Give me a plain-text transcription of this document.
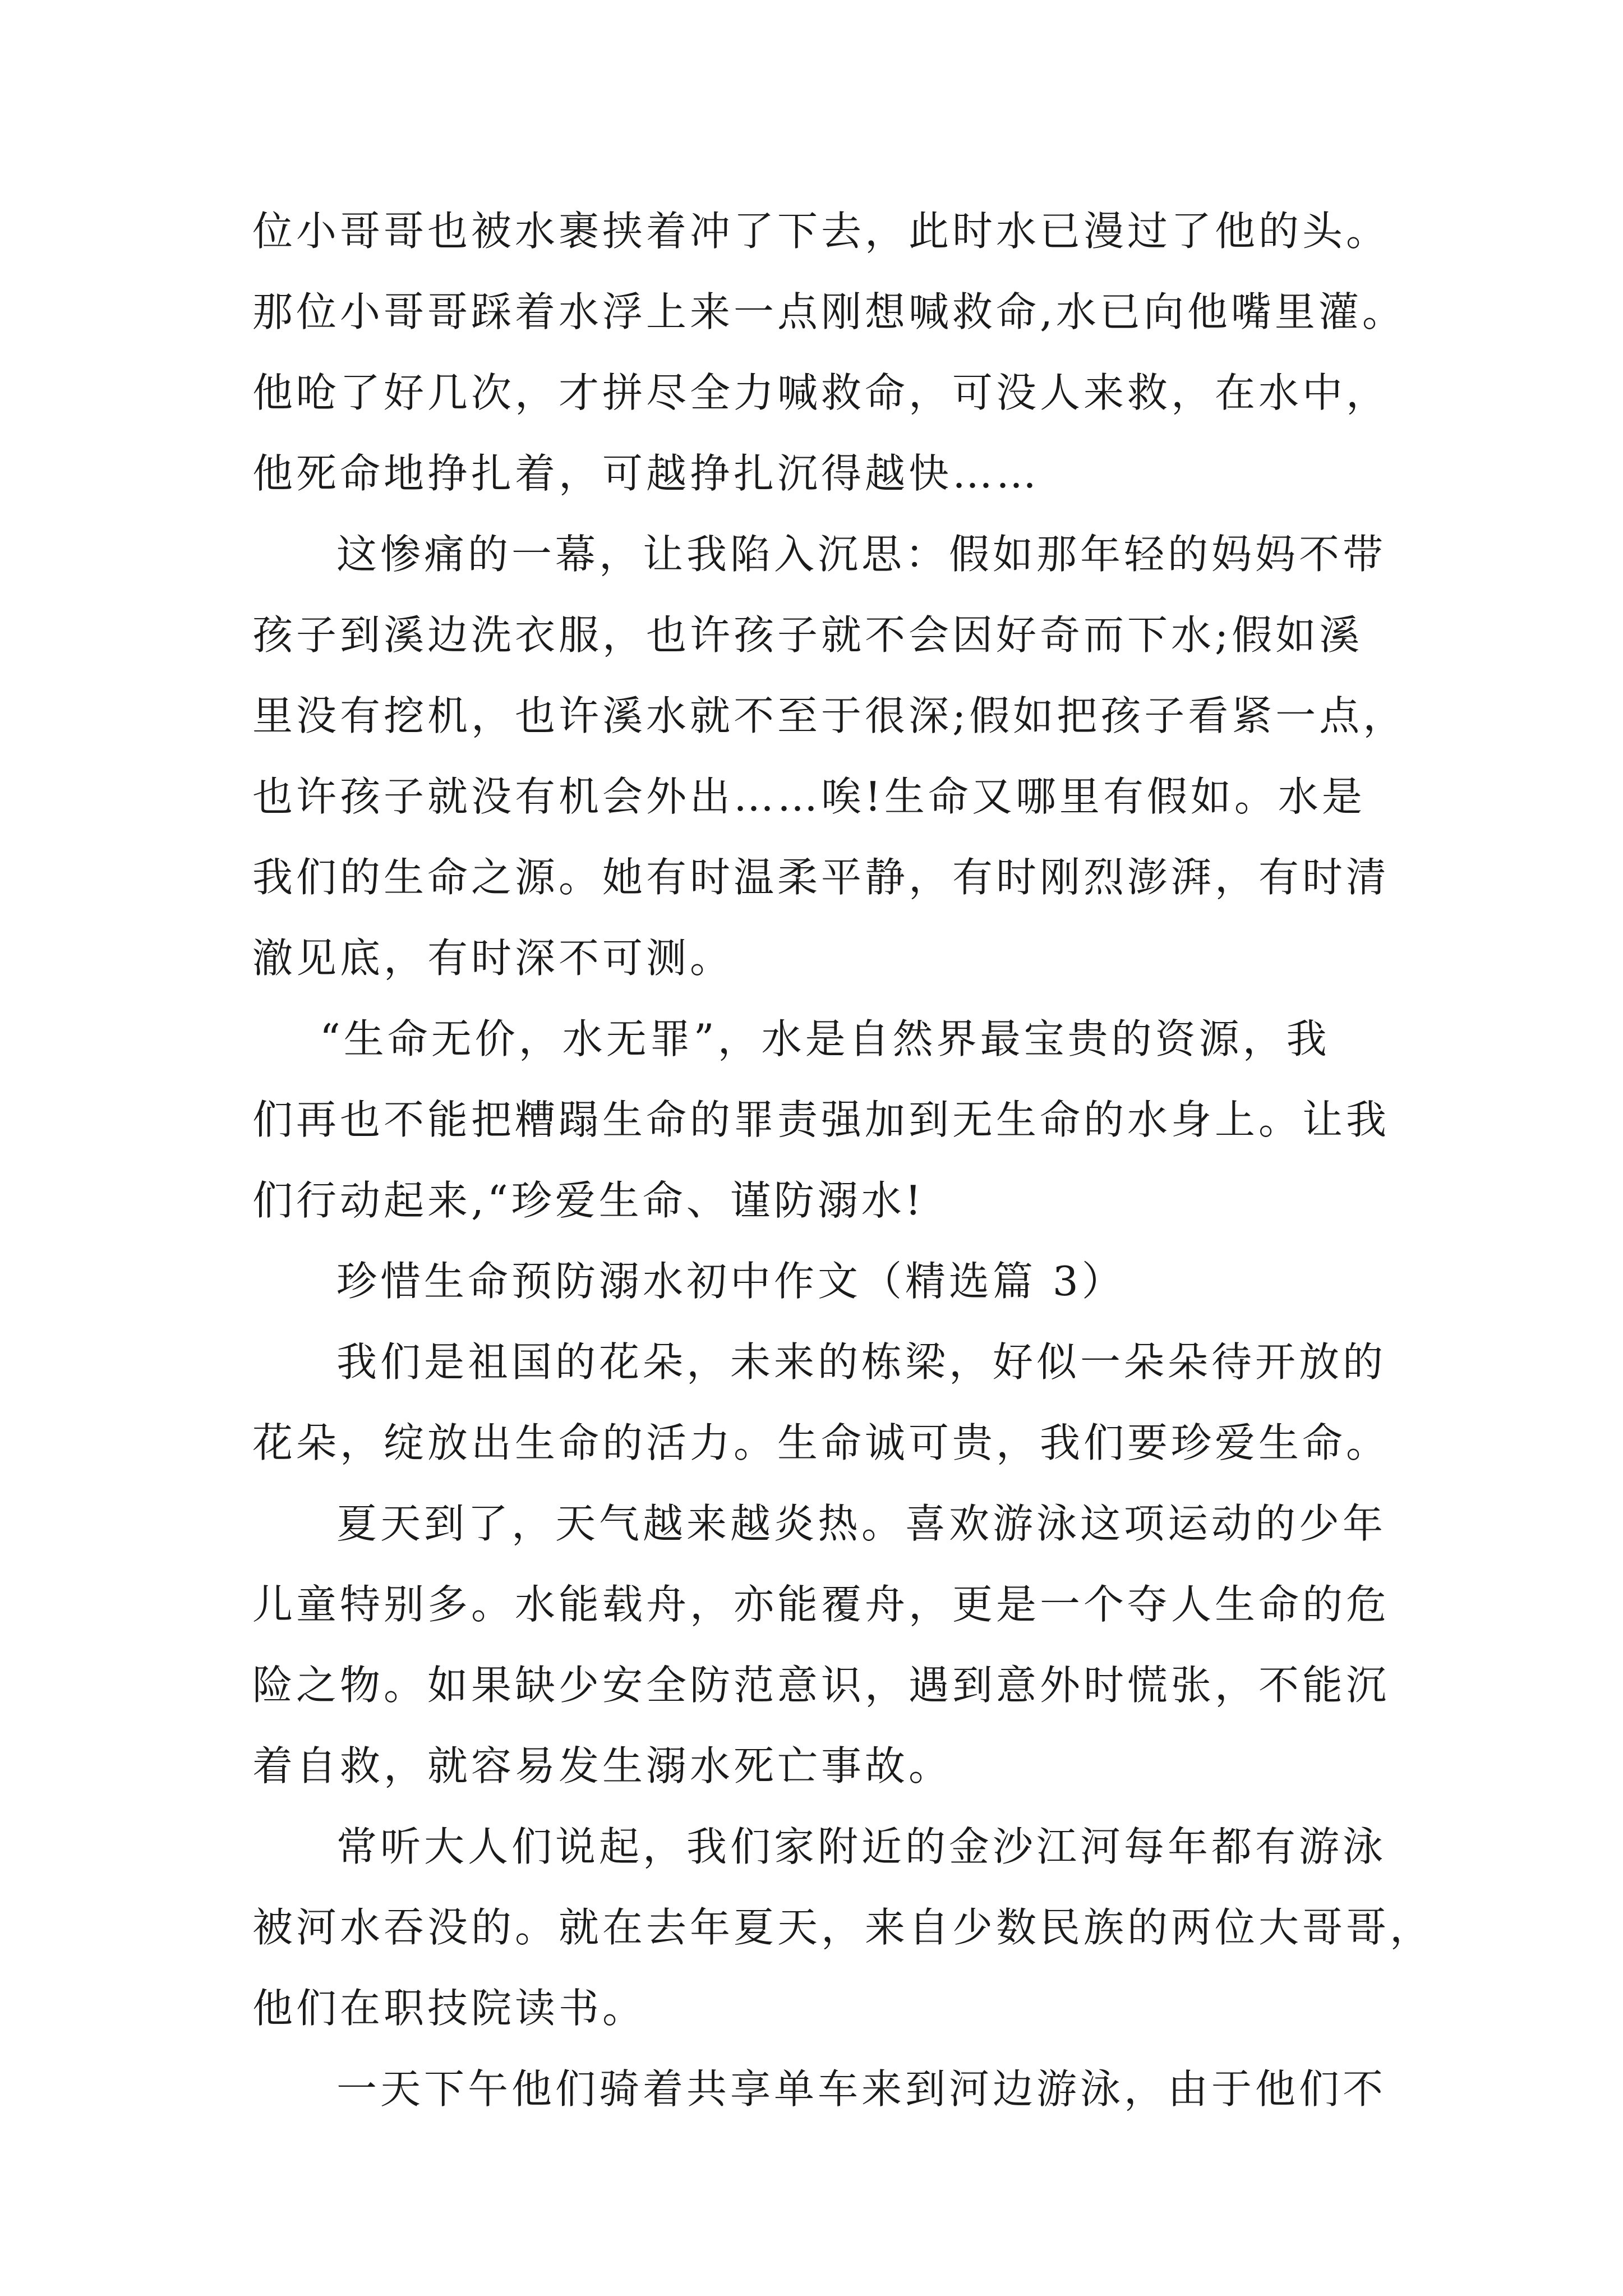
位小哥哥也被水裹挟着冲了下去，此时水已漫过了他的头。
那位小哥哥踩着水浮上来一点刚想喊救命,水已向他嘴里灌。
他呛了好几次，才拼尽全力喊救命，可没人来救，在水中，
他死命地挣扎着，可越挣扎沉得越快……
这惨痛的一幕，让我陷入沉思：假如那年轻的妈妈不带
孩子到溪边洗衣服，也许孩子就不会因好奇而下水;假如溪
里没有挖机，也许溪水就不至于很深;假如把孩子看紧一点，
也许孩子就没有机会外出……唉!生命又哪里有假如。水是
我们的生命之源。她有时温柔平静，有时刚烈澎湃，有时清
澈见底，有时深不可测。
“生命无价，水无罪”，水是自然界最宝贵的资源，我
们再也不能把糟蹋生命的罪责强加到无生命的水身上。让我
们行动起来,“珍爱生命、谨防溺水!
珍惜生命预防溺水初中作文（精选篇 3）
我们是祖国的花朵，未来的栋梁，好似一朵朵待开放的
花朵，绽放出生命的活力。生命诚可贵，我们要珍爱生命。
夏天到了，天气越来越炎热。喜欢游泳这项运动的少年
儿童特别多。水能载舟，亦能覆舟，更是一个夺人生命的危
险之物。如果缺少安全防范意识，遇到意外时慌张，不能沉
着自救，就容易发生溺水死亡事故。
常听大人们说起，我们家附近的金沙江河每年都有游泳
被河水吞没的。就在去年夏天，来自少数民族的两位大哥哥，
他们在职技院读书。
一天下午他们骑着共享单车来到河边游泳，由于他们不
